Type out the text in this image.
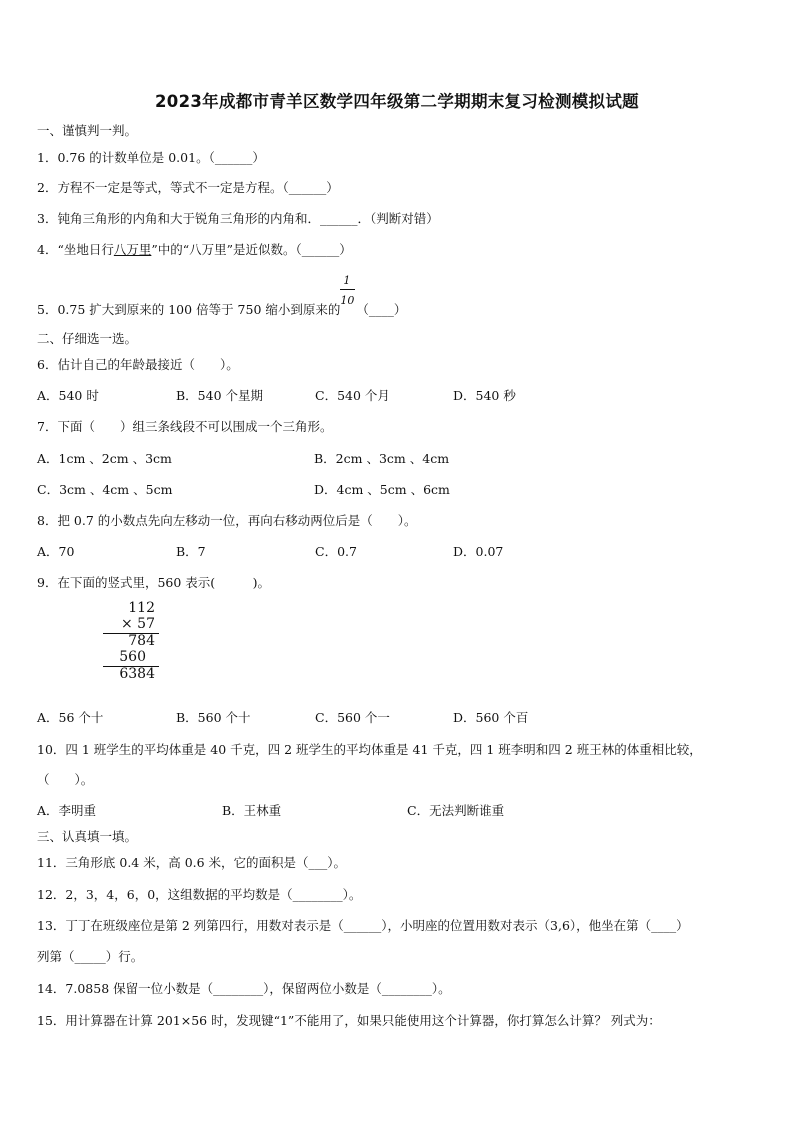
2023年成都市青羊区数学四年级第二学期期末复习检测模拟试题
一、谨慎判一判。
1．0.76 的计数单位是 0.01。（______）
2．方程不一定是等式，等式不一定是方程。（______）
3．钝角三角形的内角和大于锐角三角形的内角和．______．（判断对错）
4．“坐地日行八万里”中的“八万里”是近似数。（______）
5．0.75 扩大到原来的 100 倍等于 750 缩小到原来的 $\frac{1}{10}$ （____）
二、仔细选一选。
6．估计自己的年龄最接近（　　）。
A．540 时	B．540 个星期	C．540 个月	D．540 秒
7．下面（　　）组三条线段不可以围成一个三角形。
A．1cm 、2cm 、3cm	B．2cm 、3cm 、4cm
C．3cm 、4cm 、5cm	D．4cm 、5cm 、6cm
8．把 0.7 的小数点先向左移动一位，再向右移动两位后是（　　）。
A．70	B．7	C．0.7	D．0.07
9．在下面的竖式里，560 表示(　　　)。
112
× 57
784
560
6384
A．56 个十	B．560 个十	C．560 个一	D．560 个百
10．四 1 班学生的平均体重是 40 千克，四 2 班学生的平均体重是 41 千克，四 1 班李明和四 2 班王林的体重相比较，
（　　）。
A．李明重	B．王林重	C．无法判断谁重
三、认真填一填。
11．三角形底 0.4 米，高 0.6 米，它的面积是（___）。
12．2，3，4，6，0，这组数据的平均数是（________）。
13．丁丁在班级座位是第 2 列第四行，用数对表示是（______），小明座的位置用数对表示（3,6），他坐在第（____）
列第（_____）行。
14．7.0858 保留一位小数是（________），保留两位小数是（________）。
15．用计算器在计算 201×56 时，发现键“1”不能用了，如果只能使用这个计算器，你打算怎么计算？ 列式为：
